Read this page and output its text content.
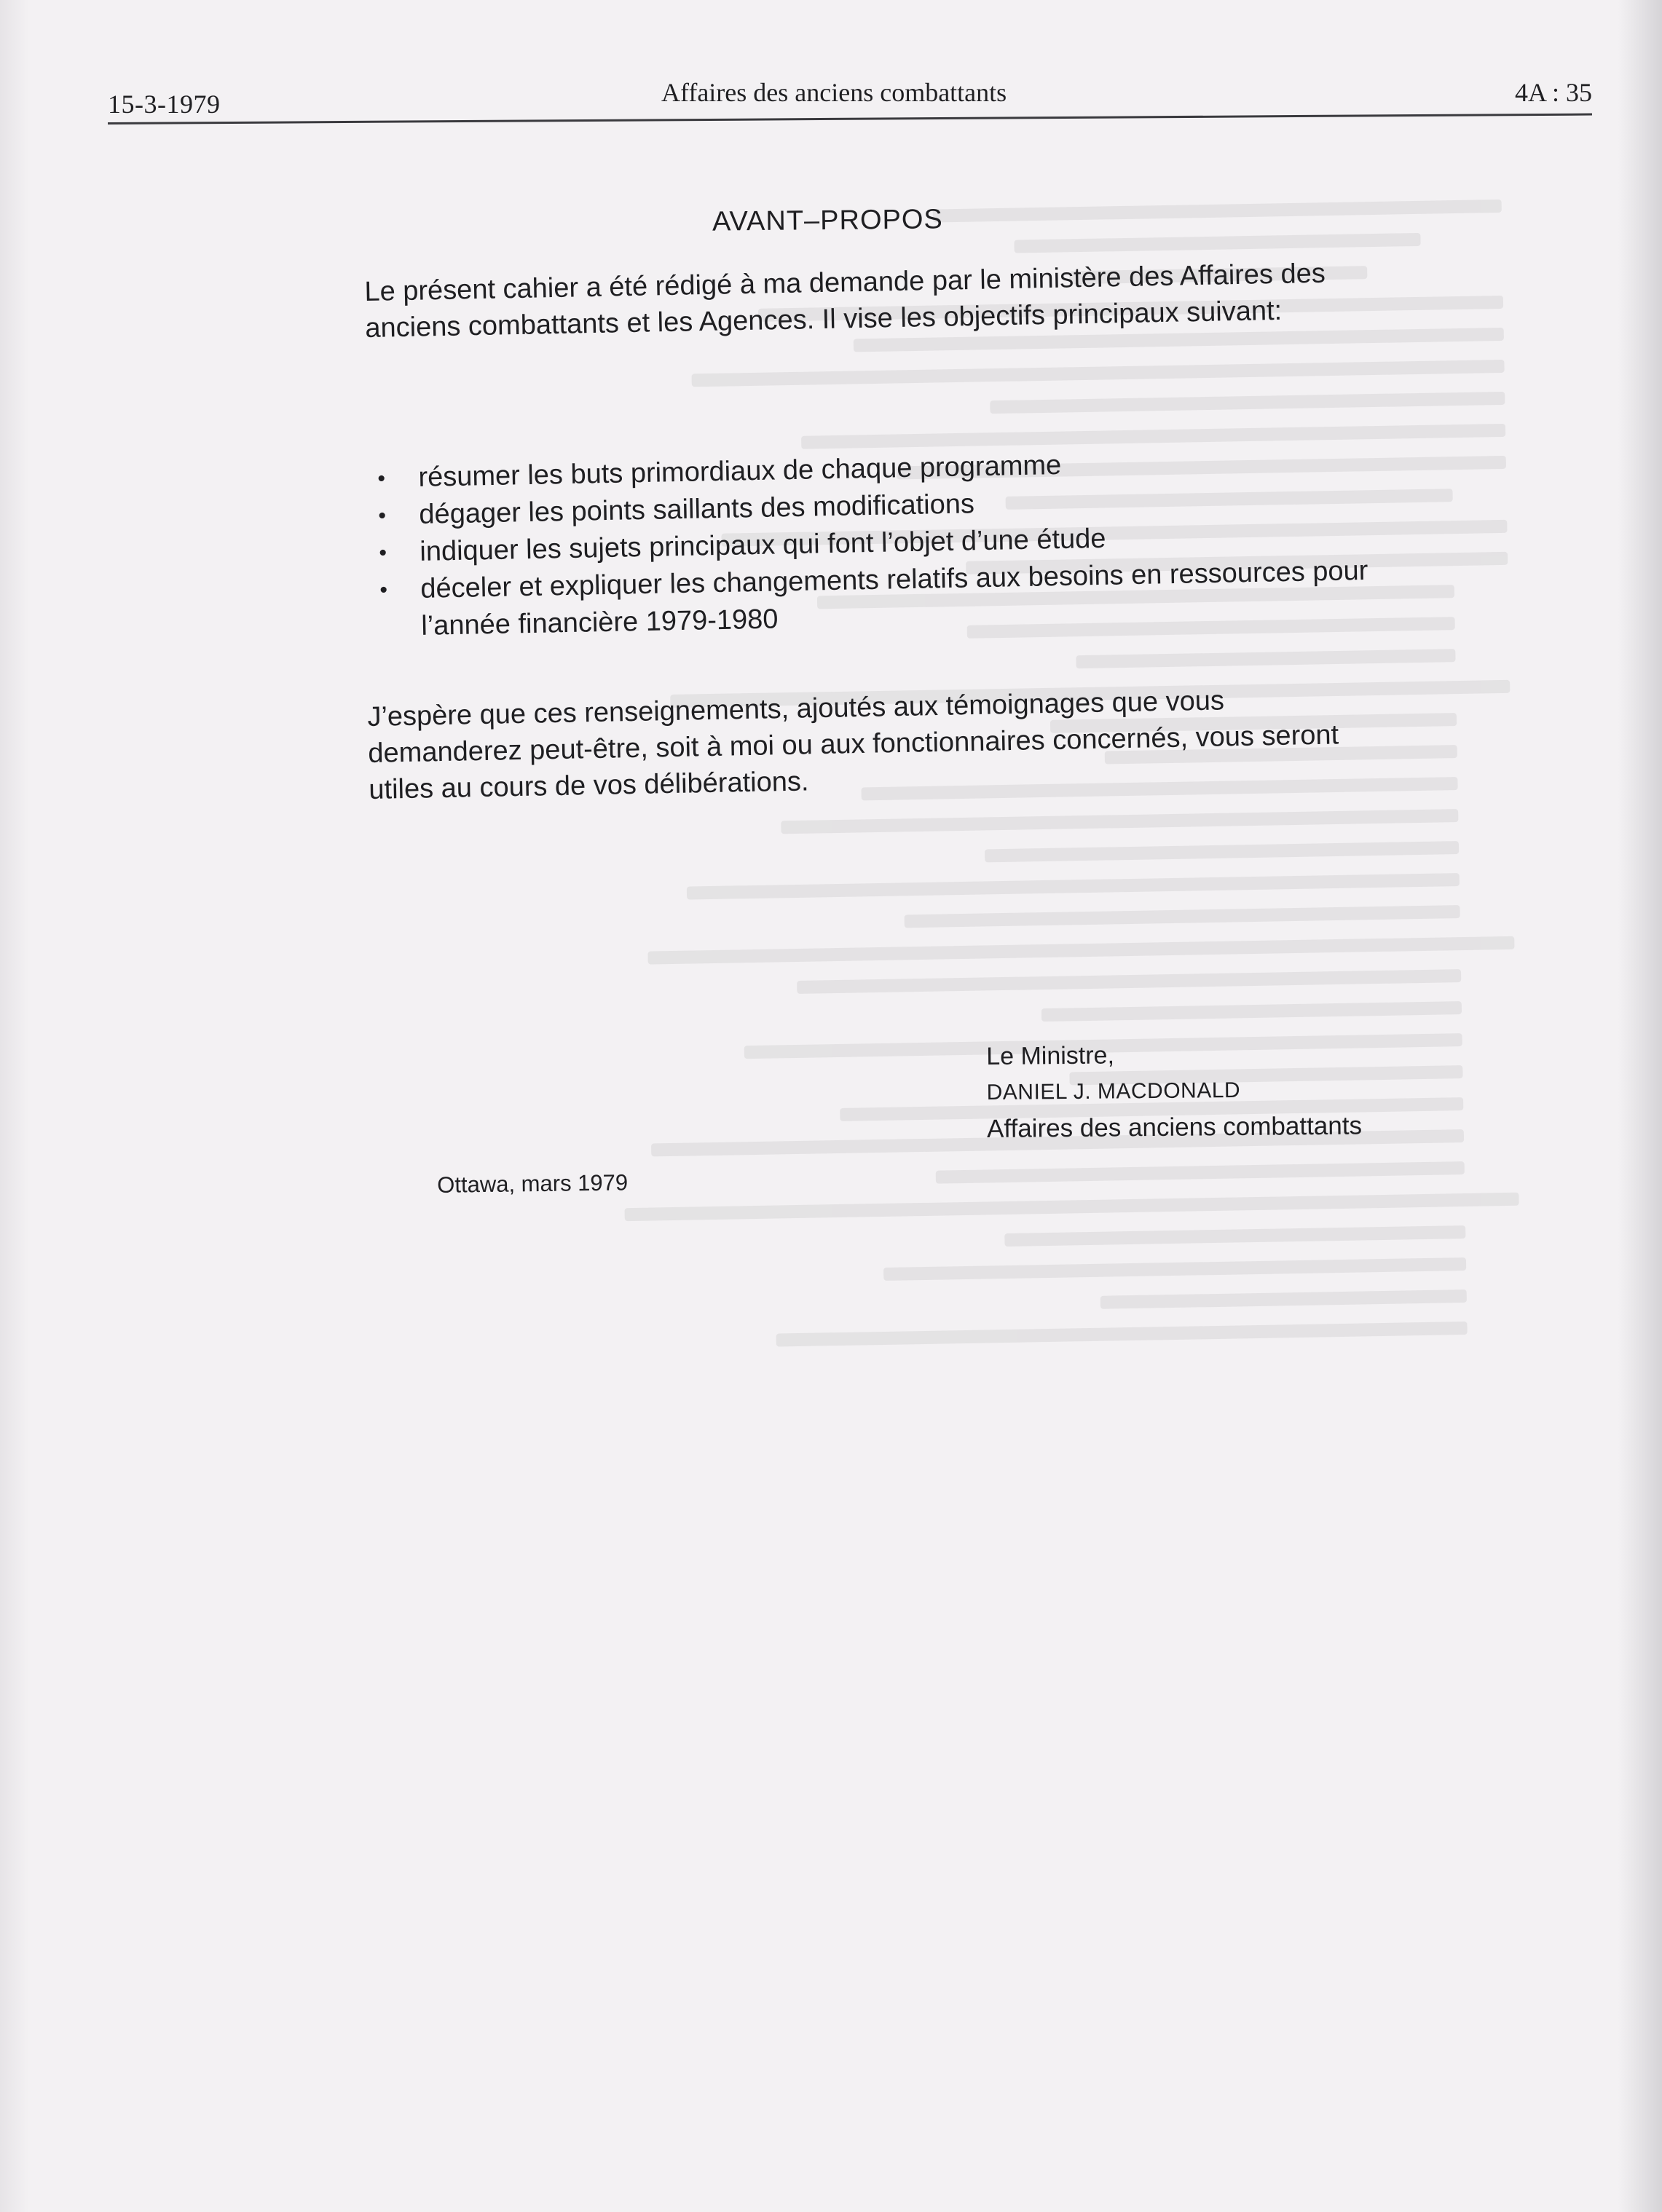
15-3-1979	Affaires des anciens combattants	4A : 35
AVANT–PROPOS

Le présent cahier a été rédigé à ma demande par le ministère des Affaires des anciens combattants et les Agences. Il vise les objectifs principaux suivant:

• résumer les buts primordiaux de chaque programme
• dégager les points saillants des modifications
• indiquer les sujets principaux qui font l’objet d’une étude
• déceler et expliquer les changements relatifs aux besoins en ressources pour l’année financière 1979-1980

J’espère que ces renseignements, ajoutés aux témoignages que vous demanderez peut-être, soit à moi ou aux fonctionnaires concernés, vous seront utiles au cours de vos délibérations.

Le Ministre,
DANIEL J. MACDONALD
Affaires des anciens combattants
Ottawa, mars 1979
